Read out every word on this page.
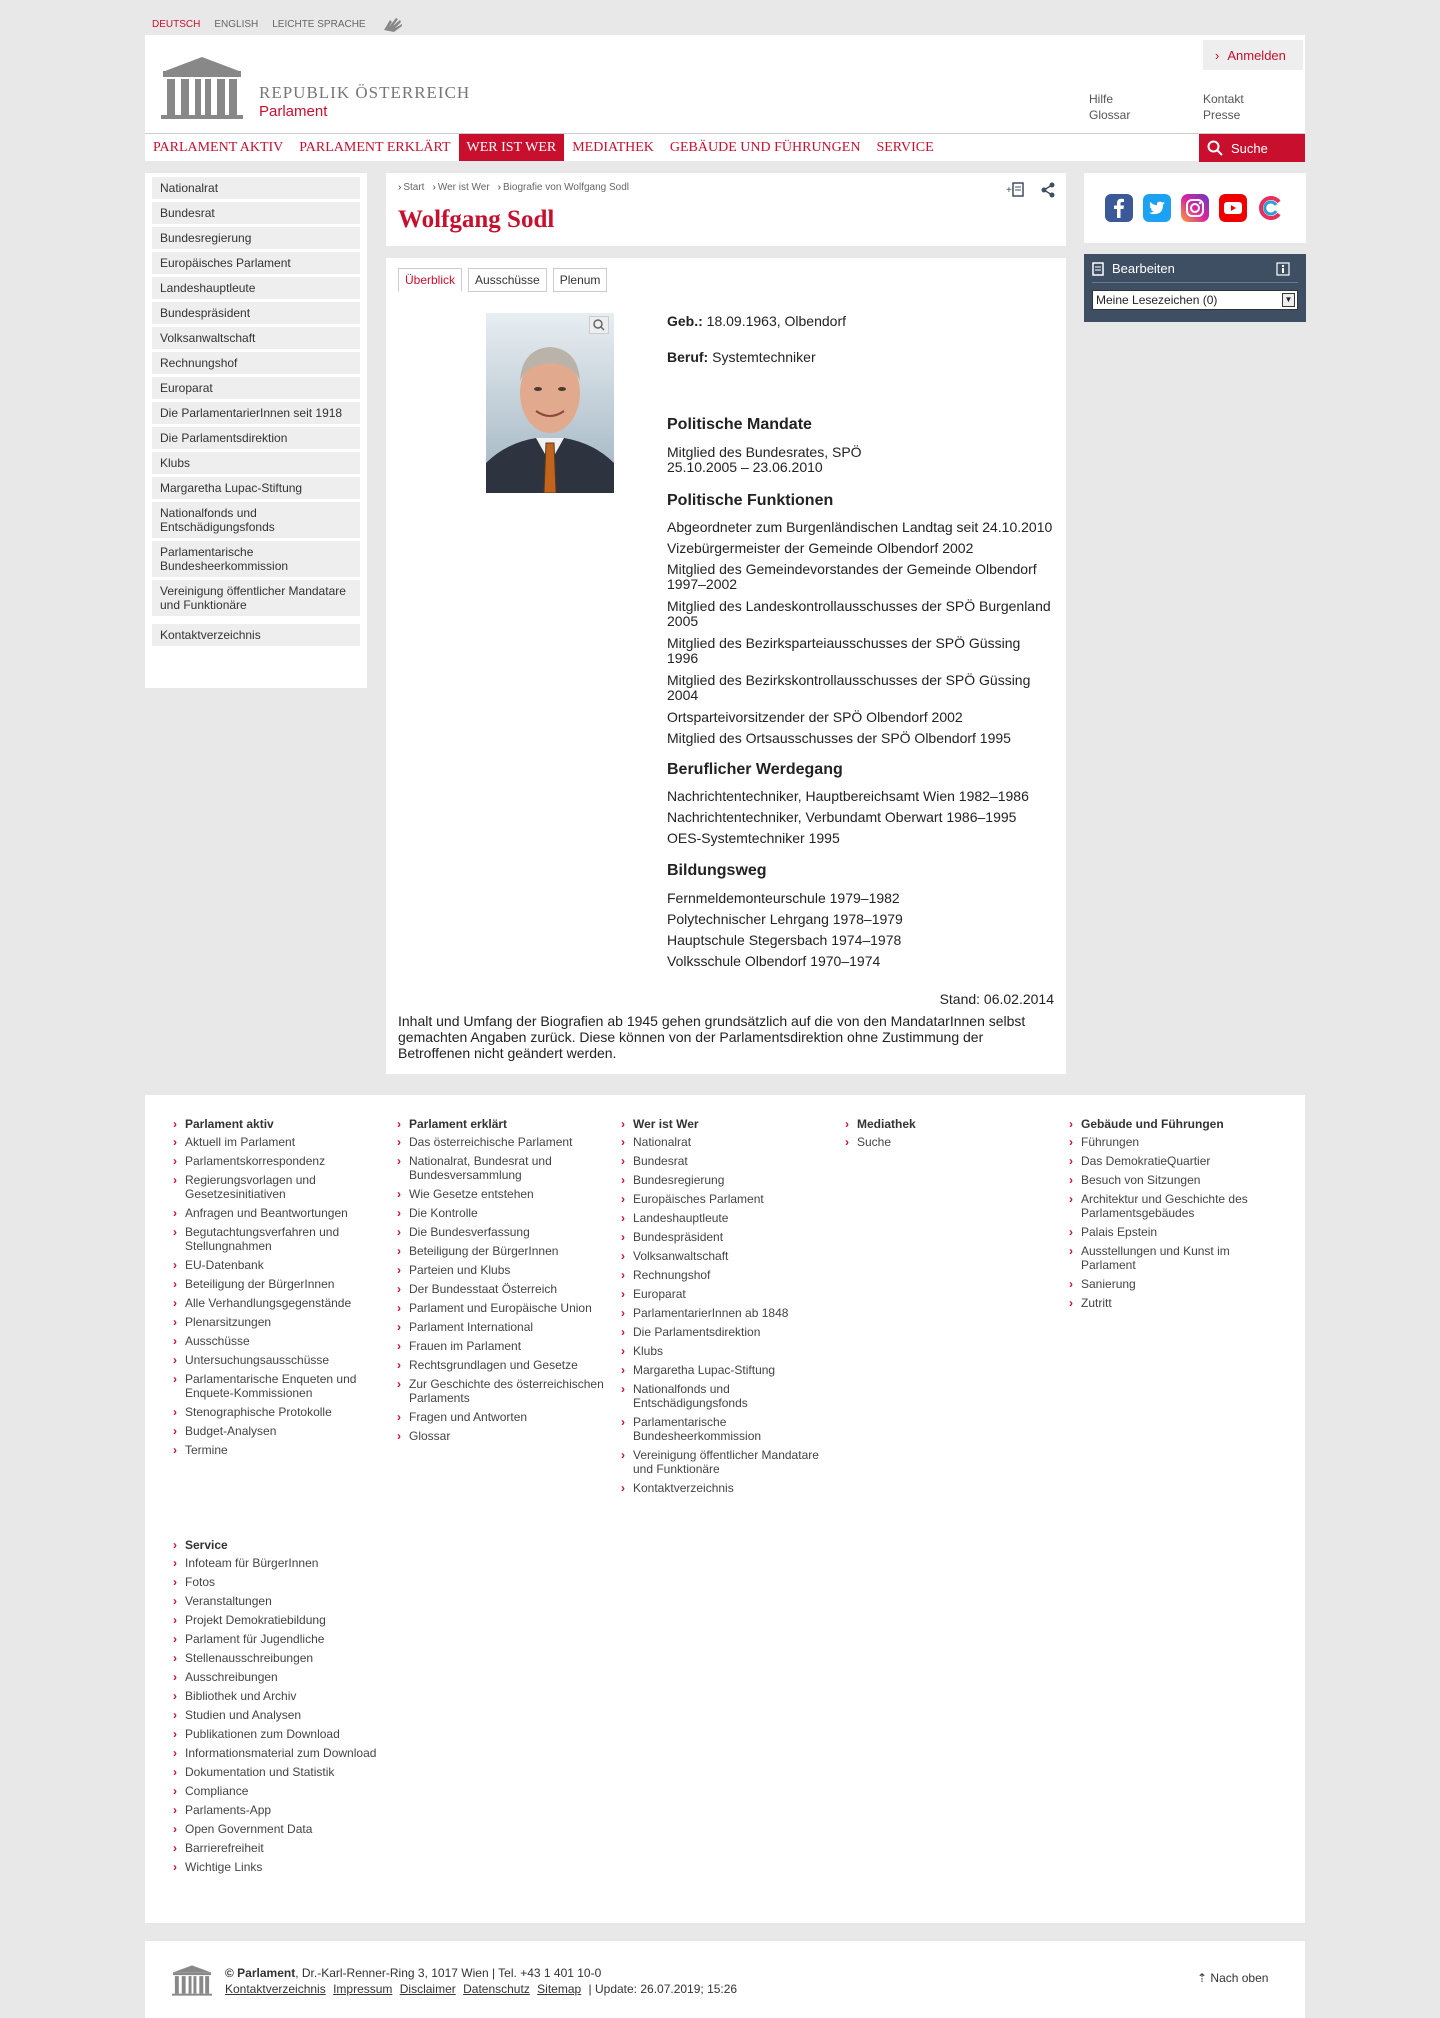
DEUTSCH ENGLISH LEICHTE SPRACHE
REPUBLIK ÖSTERREICH
Parlament
› Anmelden
Hilfe
Glossar
Kontakt
Presse
PARLAMENT AKTIV	PARLAMENT ERKLÄRT	WER IST WER	MEDIATHEK	GEBÄUDE UND FÜHRUNGEN	SERVICE	Suche
Nationalrat
Bundesrat
Bundesregierung
Europäisches Parlament
Landeshauptleute
Bundespräsident
Volksanwaltschaft
Rechnungshof
Europarat
Die ParlamentarierInnen seit 1918
Die Parlamentsdirektion
Klubs
Margaretha Lupac-Stiftung
Nationalfonds und Entschädigungsfonds
Parlamentarische Bundesheerkommission
Vereinigung öffentlicher Mandatare und Funktionäre
Kontaktverzeichnis
› Start	› Wer ist Wer	› Biografie von Wolfgang Sodl
Wolfgang Sodl
+
Überblick	Ausschüsse	Plenum
Geb.: 18.09.1963, Olbendorf
Beruf: Systemtechniker
Politische Mandate
Mitglied des Bundesrates, SPÖ
25.10.2005 – 23.06.2010
Politische Funktionen
Abgeordneter zum Burgenländischen Landtag seit 24.10.2010
Vizebürgermeister der Gemeinde Olbendorf 2002
Mitglied des Gemeindevorstandes der Gemeinde Olbendorf
1997–2002
Mitglied des Landeskontrollausschusses der SPÖ Burgenland
2005
Mitglied des Bezirksparteiausschusses der SPÖ Güssing
1996
Mitglied des Bezirkskontrollausschusses der SPÖ Güssing
2004
Ortsparteivorsitzender der SPÖ Olbendorf 2002
Mitglied des Ortsausschusses der SPÖ Olbendorf 1995
Beruflicher Werdegang
Nachrichtentechniker, Hauptbereichsamt Wien 1982–1986
Nachrichtentechniker, Verbundamt Oberwart 1986–1995
OES-Systemtechniker 1995
Bildungsweg
Fernmeldemonteurschule 1979–1982
Polytechnischer Lehrgang 1978–1979
Hauptschule Stegersbach 1974–1978
Volksschule Olbendorf 1970–1974
Stand: 06.02.2014
Inhalt und Umfang der Biografien ab 1945 gehen grundsätzlich auf die von den MandatarInnen selbst gemachten Angaben zurück. Diese können von der Parlamentsdirektion ohne Zustimmung der Betroffenen nicht geändert werden.
Bearbeiten
Meine Lesezeichen (0)	▼
› Parlament aktiv
› Aktuell im Parlament
› Parlamentskorrespondenz
› Regierungsvorlagen und Gesetzesinitiativen
› Anfragen und Beantwortungen
› Begutachtungsverfahren und Stellungnahmen
› EU-Datenbank
› Beteiligung der BürgerInnen
› Alle Verhandlungsgegenstände
› Plenarsitzungen
› Ausschüsse
› Untersuchungsausschüsse
› Parlamentarische Enqueten und Enquete-Kommissionen
› Stenographische Protokolle
› Budget-Analysen
› Termine
› Parlament erklärt
› Das österreichische Parlament
› Nationalrat, Bundesrat und Bundesversammlung
› Wie Gesetze entstehen
› Die Kontrolle
› Die Bundesverfassung
› Beteiligung der BürgerInnen
› Parteien und Klubs
› Der Bundesstaat Österreich
› Parlament und Europäische Union
› Parlament International
› Frauen im Parlament
› Rechtsgrundlagen und Gesetze
› Zur Geschichte des österreichischen Parlaments
› Fragen und Antworten
› Glossar
› Wer ist Wer
› Nationalrat
› Bundesrat
› Bundesregierung
› Europäisches Parlament
› Landeshauptleute
› Bundespräsident
› Volksanwaltschaft
› Rechnungshof
› Europarat
› ParlamentarierInnen ab 1848
› Die Parlamentsdirektion
› Klubs
› Margaretha Lupac-Stiftung
› Nationalfonds und Entschädigungsfonds
› Parlamentarische Bundesheerkommission
› Vereinigung öffentlicher Mandatare und Funktionäre
› Kontaktverzeichnis
› Mediathek
› Suche
› Gebäude und Führungen
› Führungen
› Das DemokratieQuartier
› Besuch von Sitzungen
› Architektur und Geschichte des Parlamentsgebäudes
› Palais Epstein
› Ausstellungen und Kunst im Parlament
› Sanierung
› Zutritt
› Service
› Infoteam für BürgerInnen
› Fotos
› Veranstaltungen
› Projekt Demokratiebildung
› Parlament für Jugendliche
› Stellenausschreibungen
› Ausschreibungen
› Bibliothek und Archiv
› Studien und Analysen
› Publikationen zum Download
› Informationsmaterial zum Download
› Dokumentation und Statistik
› Compliance
› Parlaments-App
› Open Government Data
› Barrierefreiheit
› Wichtige Links
© Parlament, Dr.-Karl-Renner-Ring 3, 1017 Wien | Tel. +43 1 401 10-0
Kontaktverzeichnis Impressum Disclaimer Datenschutz Sitemap | Update: 26.07.2019; 15:26
⇡ Nach oben
